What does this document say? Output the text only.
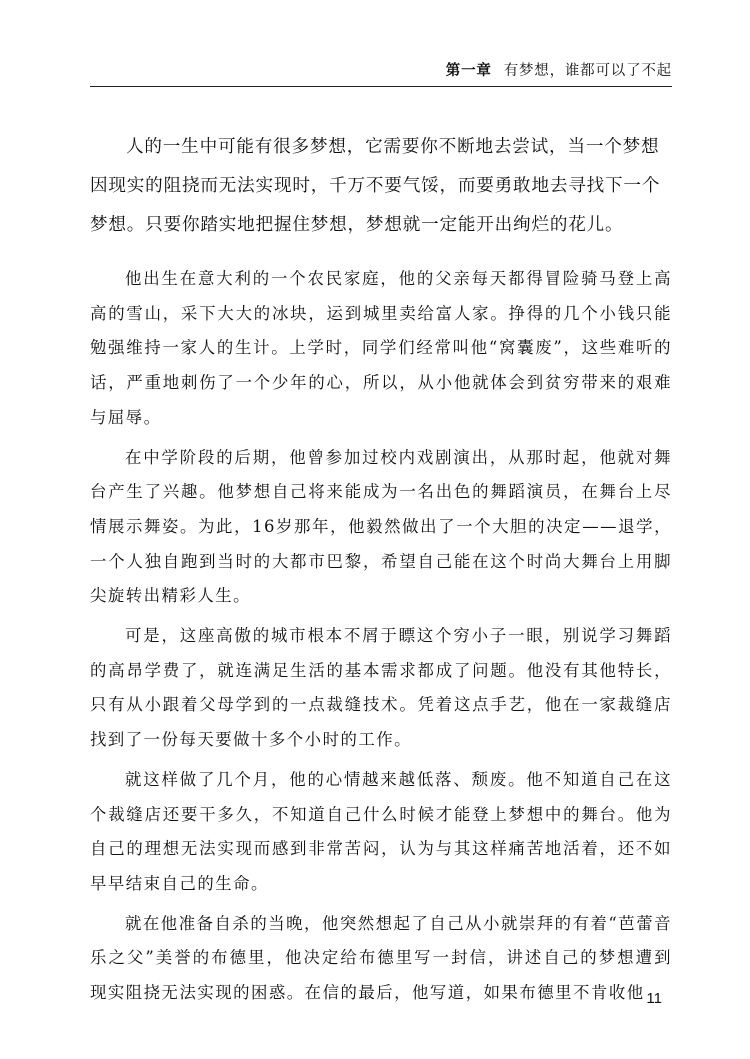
第一章 有梦想，谁都可以了不起

人的一生中可能有很多梦想，它需要你不断地去尝试，当一个梦想因现实的阻挠而无法实现时，千万不要气馁，而要勇敢地去寻找下一个梦想。只要你踏实地把握住梦想，梦想就一定能开出绚烂的花儿。

他出生在意大利的一个农民家庭，他的父亲每天都得冒险骑马登上高高的雪山，采下大大的冰块，运到城里卖给富人家。挣得的几个小钱只能勉强维持一家人的生计。上学时，同学们经常叫他“窝囊废”，这些难听的话，严重地刺伤了一个少年的心，所以，从小他就体会到贫穷带来的艰难与屈辱。

在中学阶段的后期，他曾参加过校内戏剧演出，从那时起，他就对舞台产生了兴趣。他梦想自己将来能成为一名出色的舞蹈演员，在舞台上尽情展示舞姿。为此，16岁那年，他毅然做出了一个大胆的决定——退学，一个人独自跑到当时的大都市巴黎，希望自己能在这个时尚大舞台上用脚尖旋转出精彩人生。

可是，这座高傲的城市根本不屑于瞟这个穷小子一眼，别说学习舞蹈的高昂学费了，就连满足生活的基本需求都成了问题。他没有其他特长，只有从小跟着父母学到的一点裁缝技术。凭着这点手艺，他在一家裁缝店找到了一份每天要做十多个小时的工作。

就这样做了几个月，他的心情越来越低落、颓废。他不知道自己在这个裁缝店还要干多久，不知道自己什么时候才能登上梦想中的舞台。他为自己的理想无法实现而感到非常苦闷，认为与其这样痛苦地活着，还不如早早结束自己的生命。

就在他准备自杀的当晚，他突然想起了自己从小就崇拜的有着“芭蕾音乐之父”美誉的布德里，他决定给布德里写一封信，讲述自己的梦想遭到现实阻挠无法实现的困惑。在信的最后，他写道，如果布德里不肯收他 11
